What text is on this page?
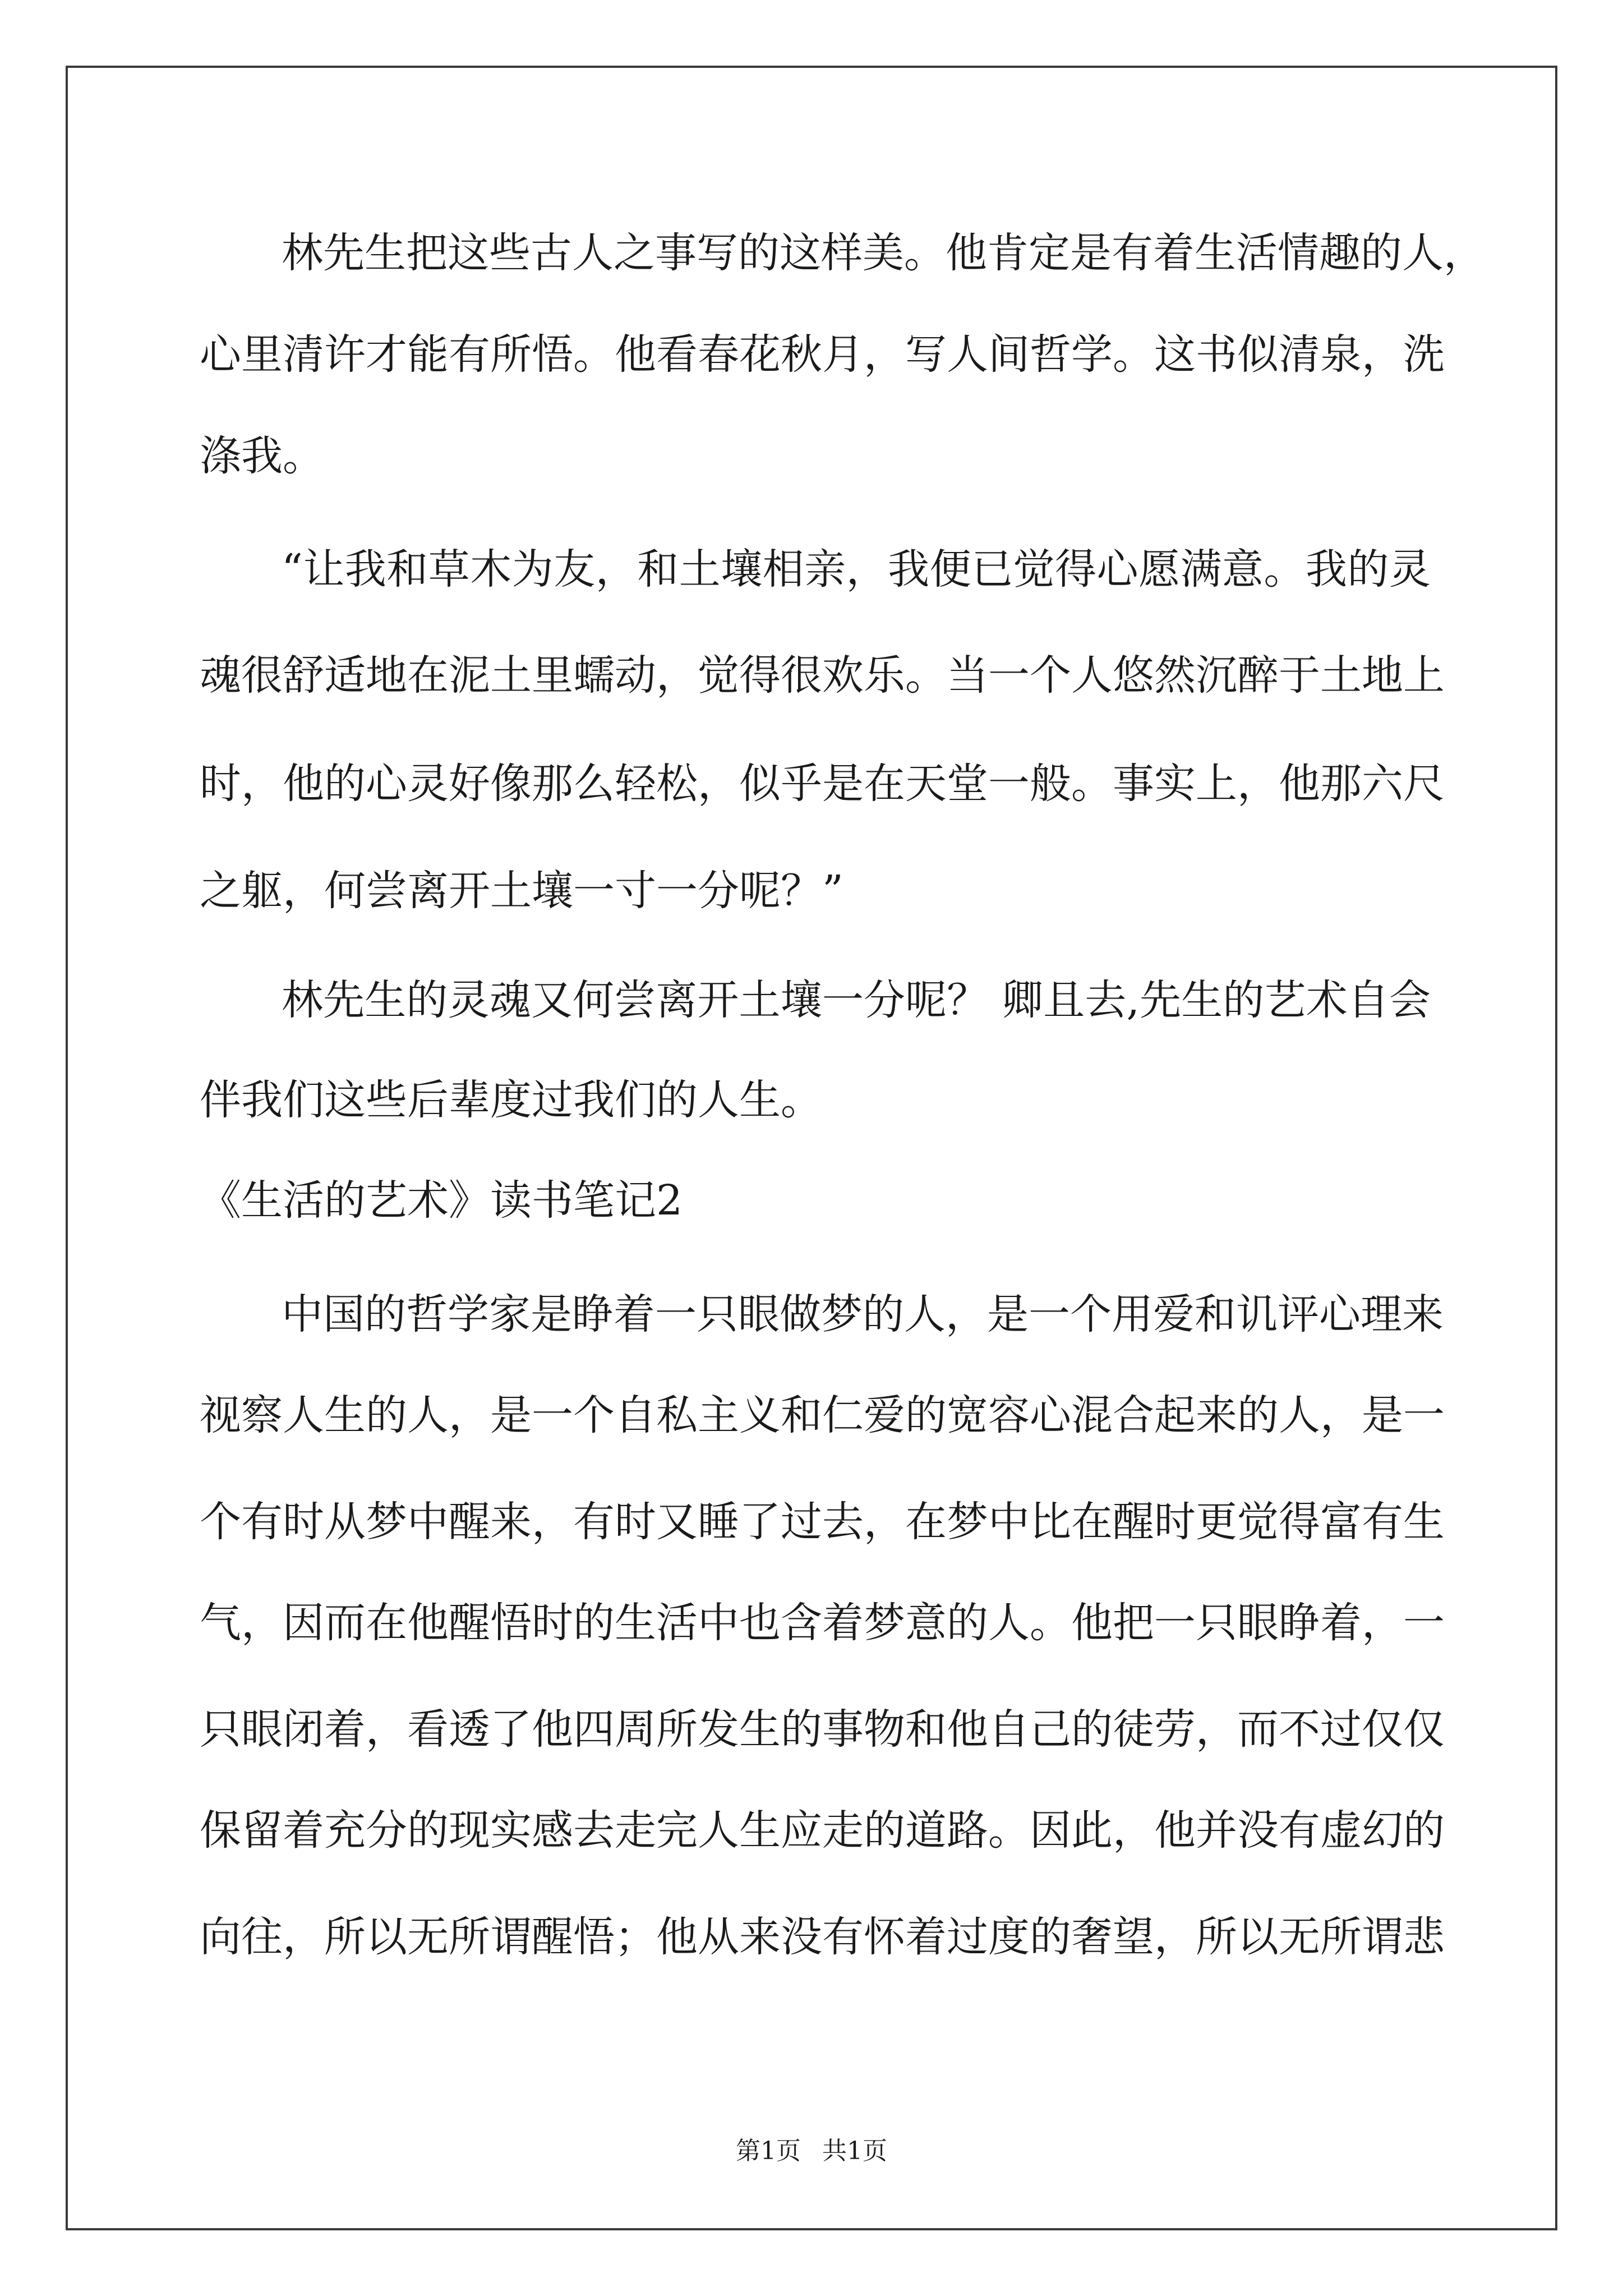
林先生把这些古人之事写的这样美。他肯定是有着生活情趣的人，
心里清许才能有所悟。他看春花秋月，写人间哲学。这书似清泉，洗
涤我。
“让我和草木为友，和土壤相亲，我便已觉得心愿满意。我的灵
魂很舒适地在泥土里蠕动，觉得很欢乐。当一个人悠然沉醉于土地上
时，他的心灵好像那么轻松，似乎是在天堂一般。事实上，他那六尺
之躯，何尝离开土壤一寸一分呢？”
林先生的灵魂又何尝离开土壤一分呢？ 卿且去,先生的艺术自会
伴我们这些后辈度过我们的人生。
《生活的艺术》读书笔记2
中国的哲学家是睁着一只眼做梦的人，是一个用爱和讥评心理来
视察人生的人，是一个自私主义和仁爱的宽容心混合起来的人，是一
个有时从梦中醒来，有时又睡了过去，在梦中比在醒时更觉得富有生
气，因而在他醒悟时的生活中也含着梦意的人。他把一只眼睁着，一
只眼闭着，看透了他四周所发生的事物和他自己的徒劳，而不过仅仅
保留着充分的现实感去走完人生应走的道路。因此，他并没有虚幻的
向往，所以无所谓醒悟；他从来没有怀着过度的奢望，所以无所谓悲
第1页 共1页
